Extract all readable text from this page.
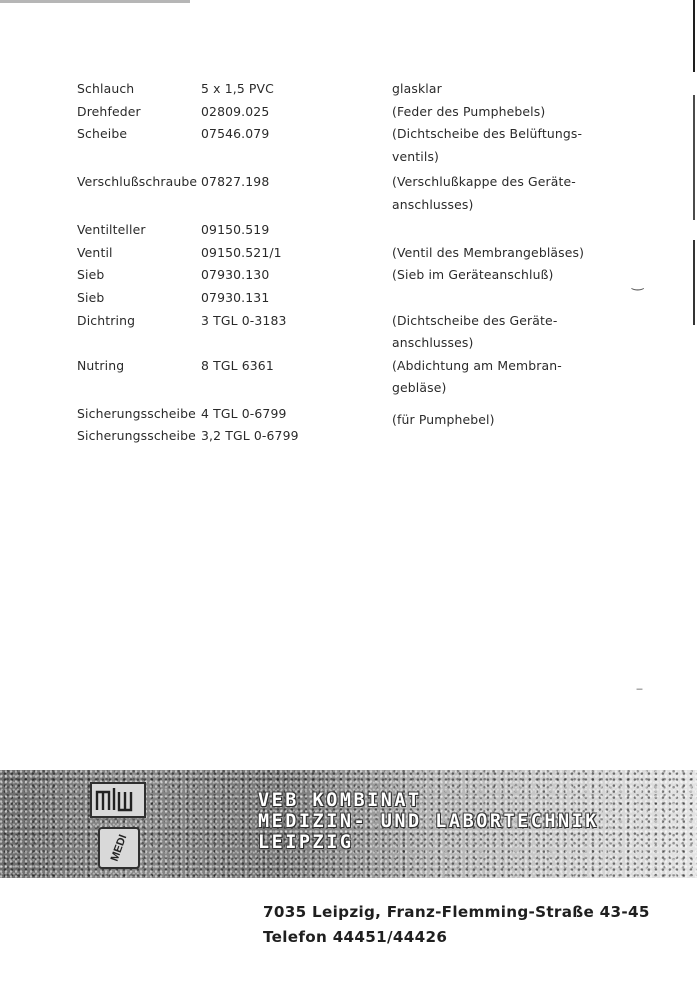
‿
‒
Schlauch	5 x 1,5 PVC	glasklar
Drehfeder	02809.025	(Feder des Pumphebels)
Scheibe	07546.079	(Dichtscheibe des Belüftungs-
ventils)
Verschlußschraube 07827.198	(Verschlußkappe des Geräte-
anschlusses)
Ventilteller	09150.519
Ventil	09150.521/1	(Ventil des Membrangebläses)
Sieb	07930.130	(Sieb im Geräteanschluß)
Sieb	07930.131
Dichtring	3 TGL 0-3183	(Dichtscheibe des Geräte-
anschlusses)
Nutring	8 TGL 6361	(Abdichtung am Membran-
gebläse)
Sicherungsscheibe 4 TGL 0-6799	(für Pumphebel)
Sicherungsscheibe 3,2 TGL 0-6799
MEDI
VEB KOMBINAT
MEDIZIN- UND LABORTECHNIK
LEIPZIG
7035 Leipzig, Franz-Flemming-Straße 43-45
Telefon 44451/44426
